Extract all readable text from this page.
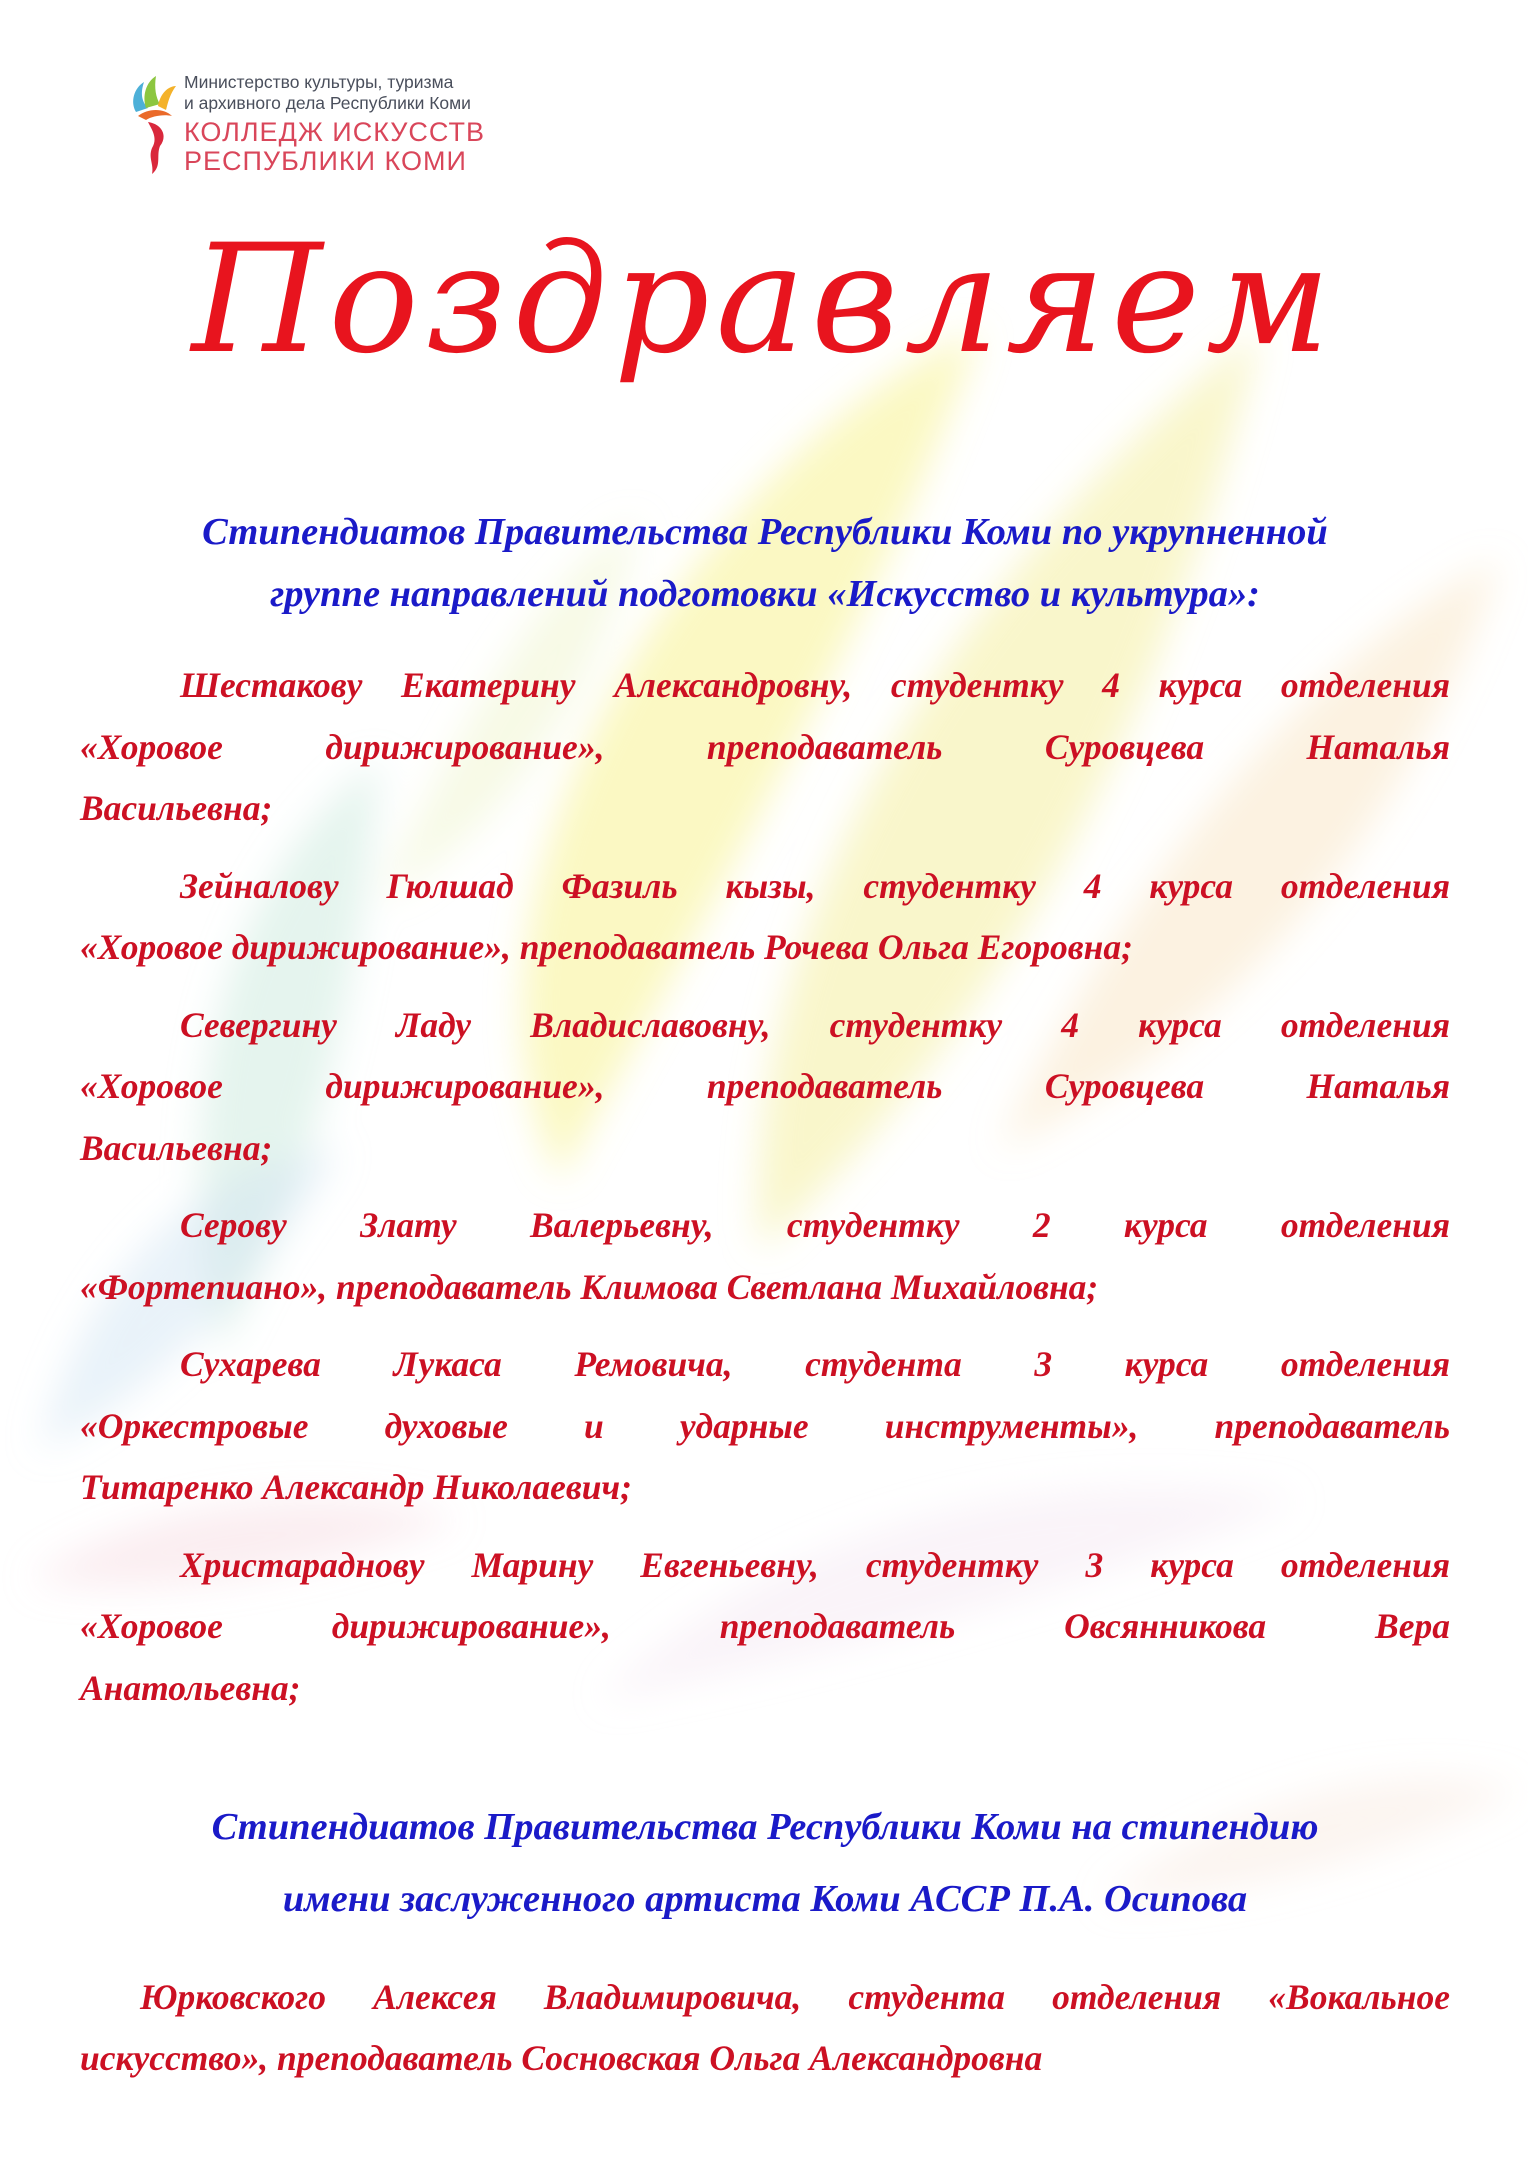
Министерство культуры, туризма
и архивного дела Республики Коми
КОЛЛЕДЖ ИСКУССТВ
РЕСПУБЛИКИ КОМИ
Поздравляем
Стипендиатов Правительства Республики Коми по укрупненной
группе направлений подготовки «Искусство и культура»:

Шестакову Екатерину Александровну, студентку 4 курса отделения
«Хоровое дирижирование», преподаватель Суровцева Наталья
Васильевна;

Зейналову Гюлшад Фазиль кызы, студентку 4 курса отделения
«Хоровое дирижирование», преподаватель Рочева Ольга Егоровна;

Севергину Ладу Владиславовну, студентку 4 курса отделения
«Хоровое дирижирование», преподаватель Суровцева Наталья
Васильевна;

Серову Злату Валерьевну, студентку 2 курса отделения
«Фортепиано», преподаватель Климова Светлана Михайловна;

Сухарева Лукаса Ремовича, студента 3 курса отделения
«Оркестровые духовые и ударные инструменты», преподаватель
Титаренко Александр Николаевич;

Христараднову Марину Евгеньевну, студентку 3 курса отделения
«Хоровое дирижирование», преподаватель Овсянникова Вера
Анатольевна;

Стипендиатов Правительства Республики Коми на стипендию
имени заслуженного артиста Коми АССР П.А. Осипова

Юрковского Алексея Владимировича, студента отделения «Вокальное
искусство», преподаватель Сосновская Ольга Александровна
